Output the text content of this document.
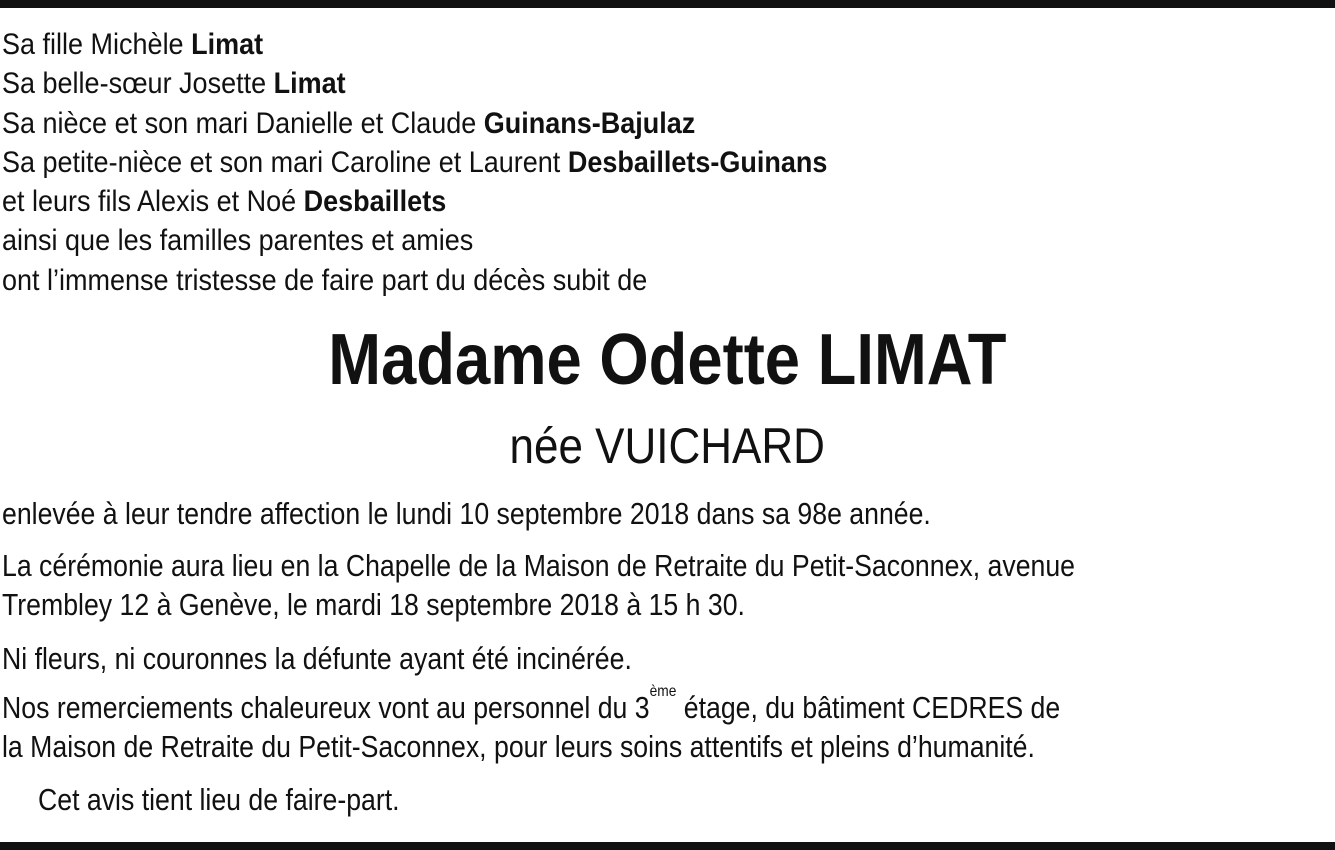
Sa fille Michèle Limat
Sa belle-sœur Josette Limat
Sa nièce et son mari Danielle et Claude Guinans-Bajulaz
Sa petite-nièce et son mari Caroline et Laurent Desbaillets-Guinans
et leurs fils Alexis et Noé Desbaillets
ainsi que les familles parentes et amies
ont l’immense tristesse de faire part du décès subit de
Madame Odette LIMAT
née VUICHARD
enlevée à leur tendre affection le lundi 10 septembre 2018 dans sa 98e année.
La cérémonie aura lieu en la Chapelle de la Maison de Retraite du Petit-Saconnex, avenue
Trembley 12 à Genève, le mardi 18 septembre 2018 à 15 h 30.
Ni fleurs, ni couronnes la défunte ayant été incinérée.
Nos remerciements chaleureux vont au personnel du 3ème étage, du bâtiment CEDRES de
la Maison de Retraite du Petit-Saconnex, pour leurs soins attentifs et pleins d’humanité.
Cet avis tient lieu de faire-part.
